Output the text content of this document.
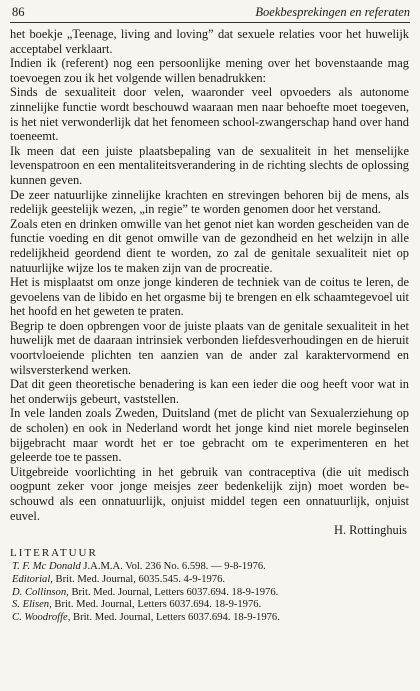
86	Boekbesprekingen en referaten

het boekje „Teenage, living and loving” dat sexuele relaties voor het huwelijk acceptabel verklaart.

Indien ik (referent) nog een persoonlijke mening over het bovenstaande mag toevoegen zou ik het volgende willen benadrukken:

Sinds de sexualiteit door velen, waaronder veel opvoeders als autonome zinnelijke functie wordt beschouwd waaraan men naar behoefte moet toegeven, is het niet verwonderlijk dat het fenomeen school-zwangerschap hand over hand toeneemt.

Ik meen dat een juiste plaatsbepaling van de sexualiteit in het menselijke levenspatroon en een mentaliteitsverandering in de richting slechts de oplossing kunnen geven.

De zeer natuurlijke zinnelijke krachten en strevingen behoren bij de mens, als redelijk geestelijk wezen, „in regie” te worden genomen door het verstand.

Zoals eten en drinken omwille van het genot niet kan worden gescheiden van de functie voeding en dit genot omwille van de gezondheid en het welzijn in alle redelijkheid geordend dient te worden, zo zal de genitale sexualiteit niet op natuurlijke wijze los te maken zijn van de procreatie.

Het is misplaatst om onze jonge kinderen de techniek van de coitus te leren, de gevoelens van de libido en het orgasme bij te brengen en elk schaamtegevoel uit het hoofd en het geweten te praten.

Begrip te doen opbrengen voor de juiste plaats van de genitale sexualiteit in het huwelijk met de daaraan intrinsiek verbonden liefdesverhoudingen en de hieruit voortvloeiende plichten ten aanzien van de ander zal karaktervormend en wilsversterkend werken.

Dat dit geen theoretische benadering is kan een ieder die oog heeft voor wat in het onderwijs gebeurt, vaststellen.

In vele landen zoals Zweden, Duitsland (met de plicht van Sexualerziehung op de scholen) en ook in Nederland wordt het jonge kind niet morele beginselen bijgebracht maar wordt het er toe gebracht om te experimenteren en het geleerde toe te passen.

Uitgebreide voorlichting in het gebruik van contraceptiva (die uit medisch oogpunt zeker voor jonge meisjes zeer bedenkelijk zijn) moet worden beschouwd als een onnatuurlijk, onjuist middel tegen een onnatuurlijk, onjuist euvel.

H. Rottinghuis
LITERATUUR
T. F. Mc Donald J.A.M.A. Vol. 236 No. 6.598. — 9-8-1976.
Editorial, Brit. Med. Journal, 6035.545. 4-9-1976.
D. Collinson, Brit. Med. Journal, Letters 6037.694. 18-9-1976.
S. Elisen, Brit. Med. Journal, Letters 6037.694. 18-9-1976.
C. Woodroffe, Brit. Med. Journal, Letters 6037.694. 18-9-1976.
